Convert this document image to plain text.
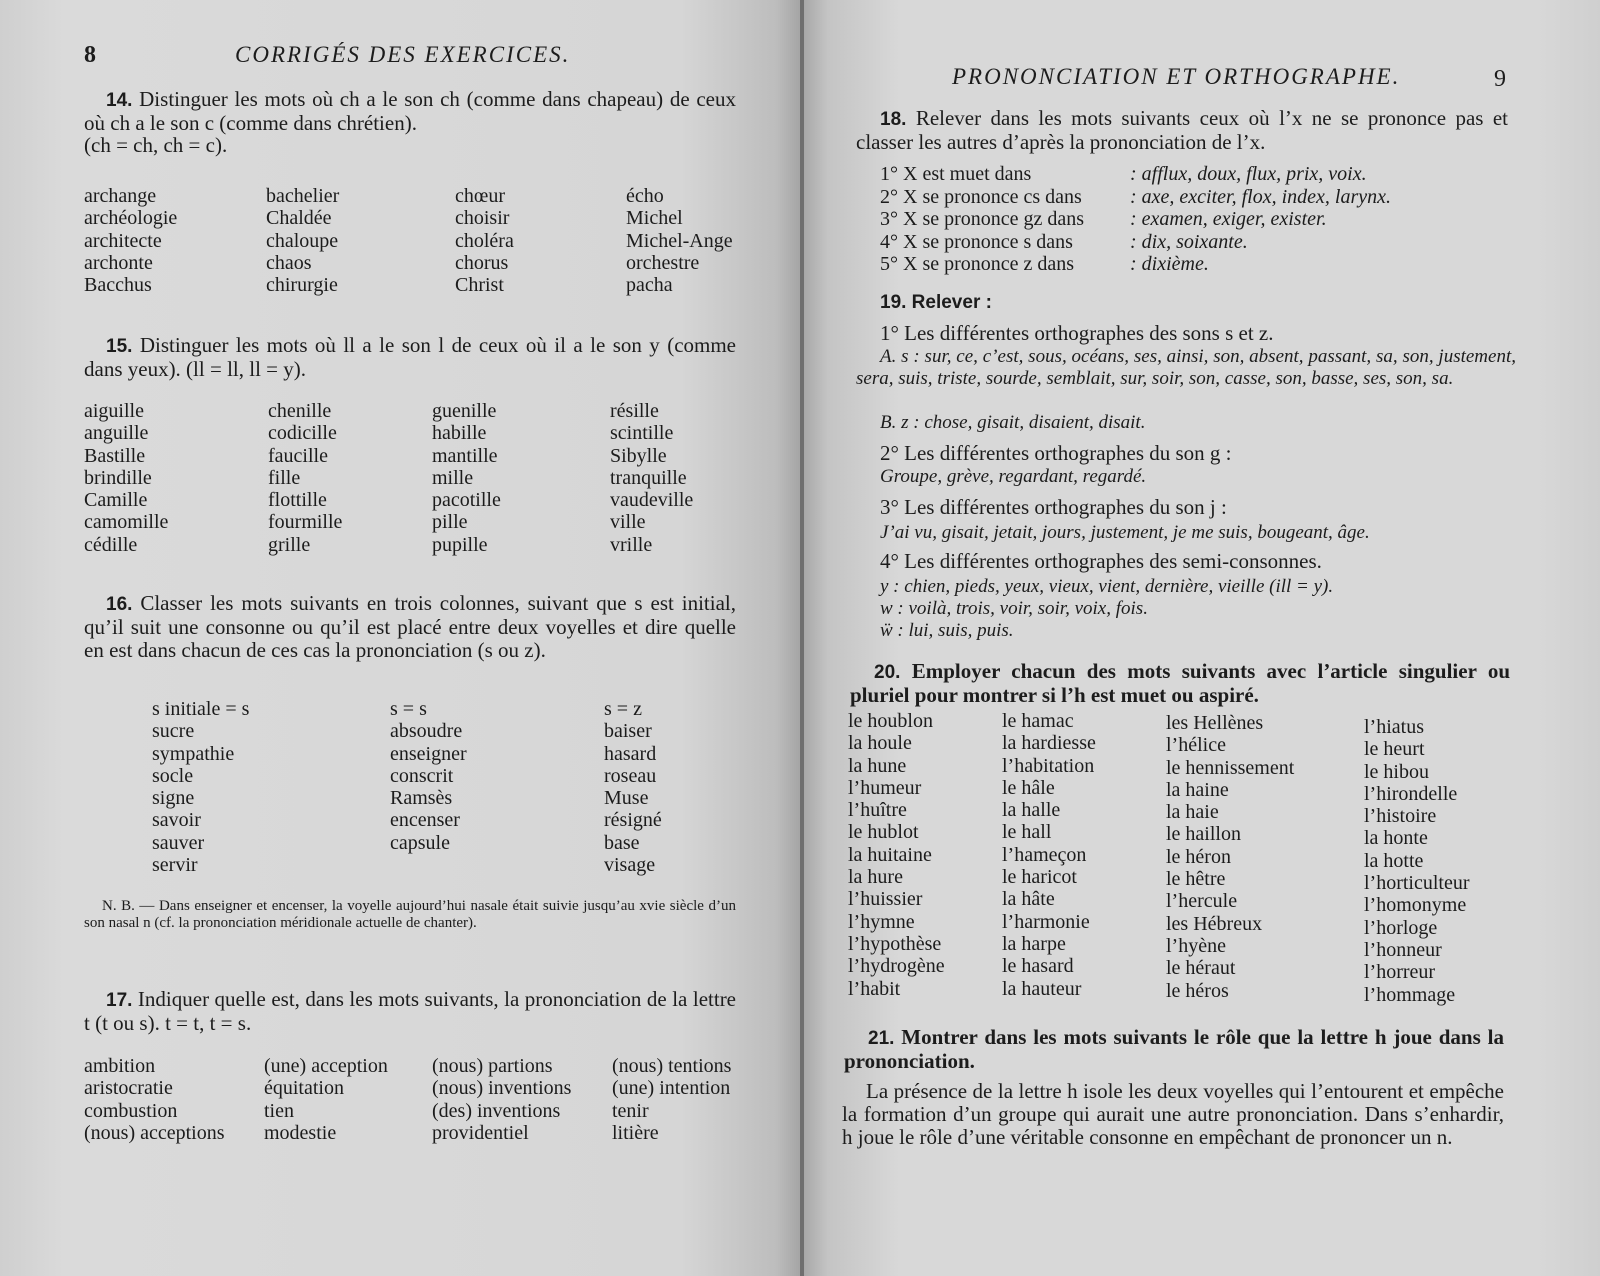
8	CORRIGÉS DES EXERCICES.
14. Distinguer les mots où ch a le son ch (comme dans chapeau) de ceux où ch a le son c (comme dans chrétien).
(ch = ch, ch = c).
archange
archéologie
architecte
archonte
Bacchus
bachelier
Chaldée
chaloupe
chaos
chirurgie
chœur
choisir
choléra
chorus
Christ
écho
Michel
Michel-Ange
orchestre
pacha
15. Distinguer les mots où ll a le son l de ceux où il a le son y (comme dans yeux). (ll = ll, ll = y).
aiguille
anguille
Bastille
brindille
Camille
camomille
cédille
chenille
codicille
faucille
fille
flottille
fourmille
grille
guenille
habille
mantille
mille
pacotille
pille
pupille
résille
scintille
Sibylle
tranquille
vaudeville
ville
vrille
16. Classer les mots suivants en trois colonnes, suivant que s est initial, qu’il suit une consonne ou qu’il est placé entre deux voyelles et dire quelle en est dans chacun de ces cas la prononciation (s ou z).
s initiale = s
sucre
sympathie
socle
signe
savoir
sauver
servir
s = s
absoudre
enseigner
conscrit
Ramsès
encenser
capsule
s = z
baiser
hasard
roseau
Muse
résigné
base
visage
N. B. — Dans enseigner et encenser, la voyelle aujourd’hui nasale était suivie jusqu’au xvie siècle d’un son nasal n (cf. la prononciation méridionale actuelle de chanter).
17. Indiquer quelle est, dans les mots suivants, la prononciation de la lettre t (t ou s). t = t, t = s.
ambition
aristocratie
combustion
(nous) acceptions
(une) acception
équitation
tien
modestie
(nous) partions
(nous) inventions
(des) inventions
providentiel
(nous) tentions
(une) intention
tenir
litière
PRONONCIATION ET ORTHOGRAPHE.	9
18. Relever dans les mots suivants ceux où l’x ne se prononce pas et classer les autres d’après la prononciation de l’x.
1° X est muet dans
2° X se prononce cs dans
3° X se prononce gz dans
4° X se prononce s dans
5° X se prononce z dans
: afflux, doux, flux, prix, voix.
: axe, exciter, flox, index, larynx.
: examen, exiger, exister.
: dix, soixante.
: dixième.
19. Relever :
1° Les différentes orthographes des sons s et z.
A. s : sur, ce, c’est, sous, océans, ses, ainsi, son, absent, passant, sa, son, justement, sera, suis, triste, sourde, semblait, sur, soir, son, casse, son, basse, ses, son, sa.
B. z : chose, gisait, disaient, disait.
2° Les différentes orthographes du son g :
Groupe, grève, regardant, regardé.
3° Les différentes orthographes du son j :
J’ai vu, gisait, jetait, jours, justement, je me suis, bougeant, âge.
4° Les différentes orthographes des semi-consonnes.
y : chien, pieds, yeux, vieux, vient, dernière, vieille (ill = y).
w : voilà, trois, voir, soir, voix, fois.
ẅ : lui, suis, puis.
20. Employer chacun des mots suivants avec l’article singulier ou pluriel pour montrer si l’h est muet ou aspiré.
le houblon
la houle
la hune
l’humeur
l’huître
le hublot
la huitaine
la hure
l’huissier
l’hymne
l’hypothèse
l’hydrogène
l’habit
le hamac
la hardiesse
l’habitation
le hâle
la halle
le hall
l’hameçon
le haricot
la hâte
l’harmonie
la harpe
le hasard
la hauteur
les Hellènes
l’hélice
le hennissement
la haine
la haie
le haillon
le héron
le hêtre
l’hercule
les Hébreux
l’hyène
le héraut
le héros
l’hiatus
le heurt
le hibou
l’hirondelle
l’histoire
la honte
la hotte
l’horticulteur
l’homonyme
l’horloge
l’honneur
l’horreur
l’hommage
21. Montrer dans les mots suivants le rôle que la lettre h joue dans la prononciation.
La présence de la lettre h isole les deux voyelles qui l’entourent et empêche la formation d’un groupe qui aurait une autre prononciation. Dans s’enhardir, h joue le rôle d’une véritable consonne en empêchant de prononcer un n.
